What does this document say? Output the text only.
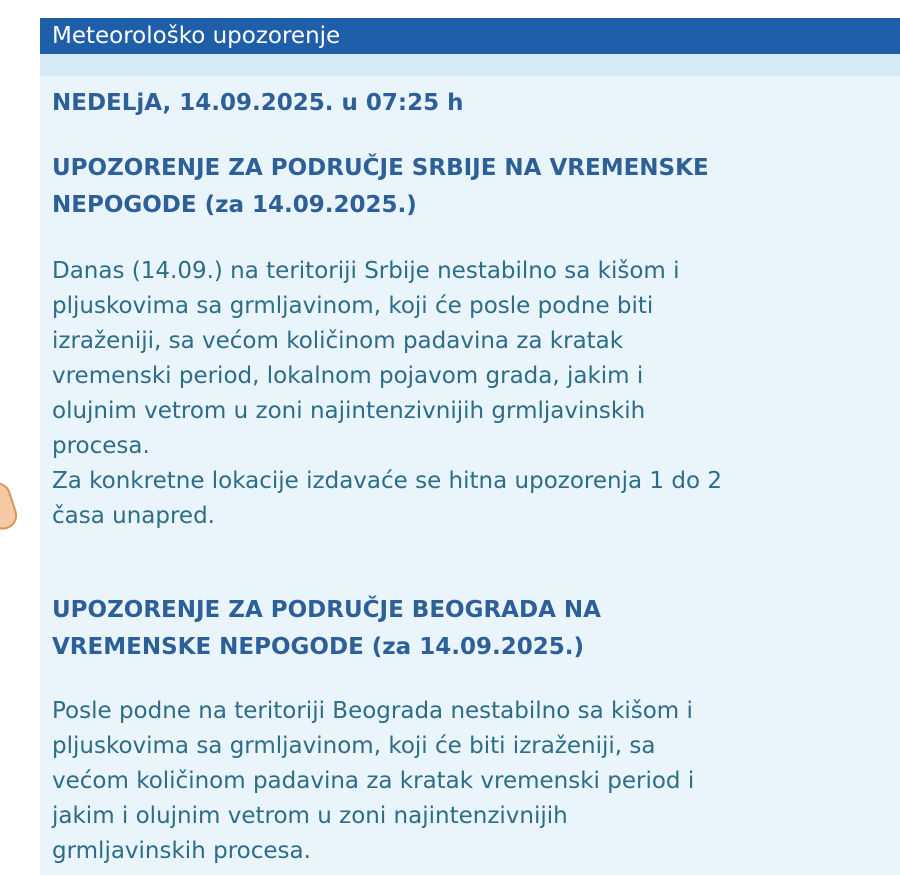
Meteorološko upozorenje
NEDELjA, 14.09.2025. u 07:25 h
UPOZORENJE ZA PODRUČJE SRBIJE NA VREMENSKE
NEPOGODE (za 14.09.2025.)
Danas (14.09.) na teritoriji Srbije nestabilno sa kišom i
pljuskovima sa grmljavinom, koji će posle podne biti
izraženiji, sa većom količinom padavina za kratak
vremenski period, lokalnom pojavom grada, jakim i
olujnim vetrom u zoni najintenzivnijih grmljavinskih
procesa.
Za konkretne lokacije izdavaće se hitna upozorenja 1 do 2
časa unapred.
UPOZORENJE ZA PODRUČJE BEOGRADA NA
VREMENSKE NEPOGODE (za 14.09.2025.)
Posle podne na teritoriji Beograda nestabilno sa kišom i
pljuskovima sa grmljavinom, koji će biti izraženiji, sa
većom količinom padavina za kratak vremenski period i
jakim i olujnim vetrom u zoni najintenzivnijih
grmljavinskih procesa.
